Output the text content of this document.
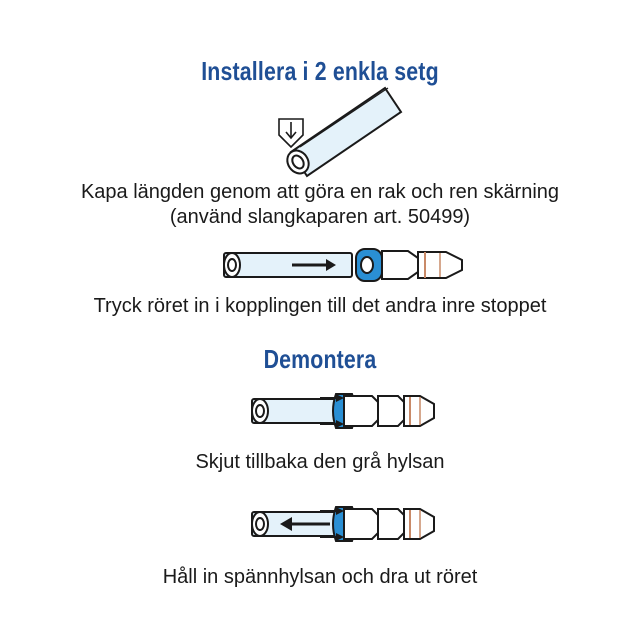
Installera i 2 enkla setg
Kapa längden genom att göra en rak och ren skärning
(använd slangkaparen art. 50499)
Tryck röret in i kopplingen till det andra inre stoppet
Demontera
Skjut tillbaka den grå hylsan
Håll in spännhylsan och dra ut röret
